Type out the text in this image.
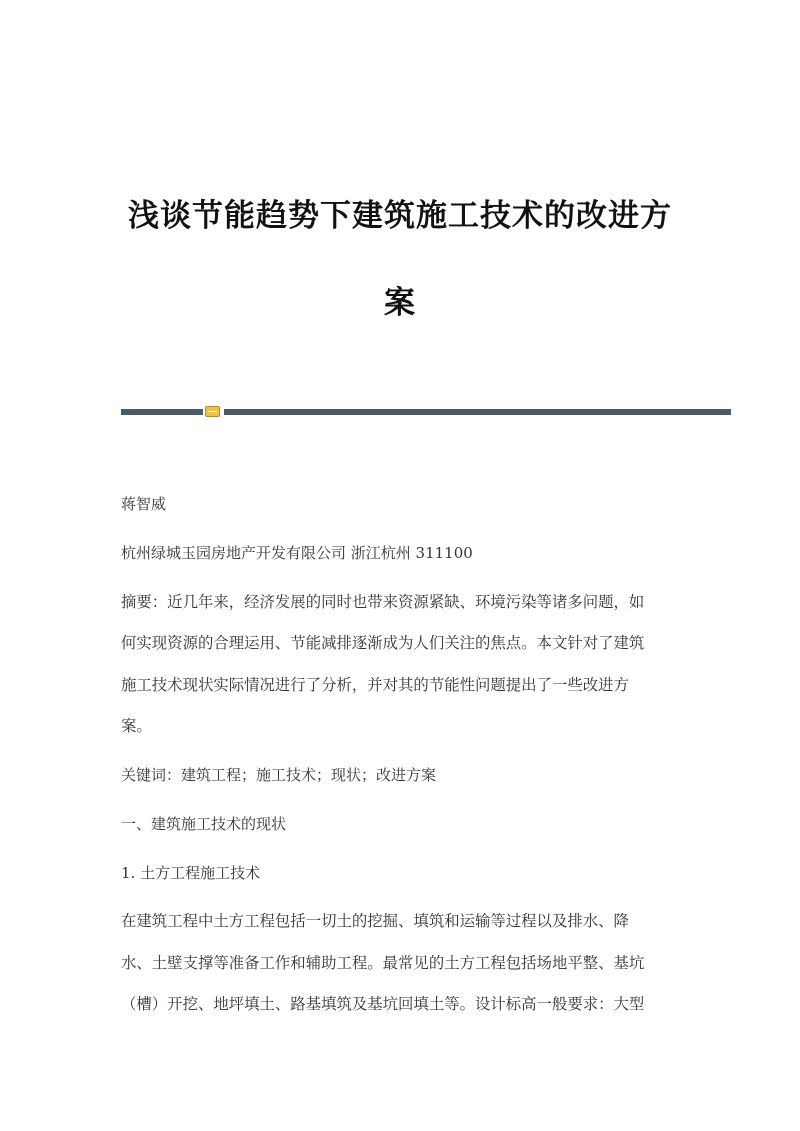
浅谈节能趋势下建筑施工技术的改进方
案
蒋智威
杭州绿城玉园房地产开发有限公司 浙江杭州 311100
摘要：近几年来，经济发展的同时也带来资源紧缺、环境污染等诸多问题，如
何实现资源的合理运用、节能减排逐渐成为人们关注的焦点。本文针对了建筑
施工技术现状实际情况进行了分析，并对其的节能性问题提出了一些改进方
案。
关键词：建筑工程；施工技术；现状；改进方案
一、建筑施工技术的现状
1. 土方工程施工技术
在建筑工程中土方工程包括一切土的挖掘、填筑和运输等过程以及排水、降
水、土壁支撑等准备工作和辅助工程。最常见的土方工程包括场地平整、基坑
（槽）开挖、地坪填土、路基填筑及基坑回填土等。设计标高一般要求：大型
